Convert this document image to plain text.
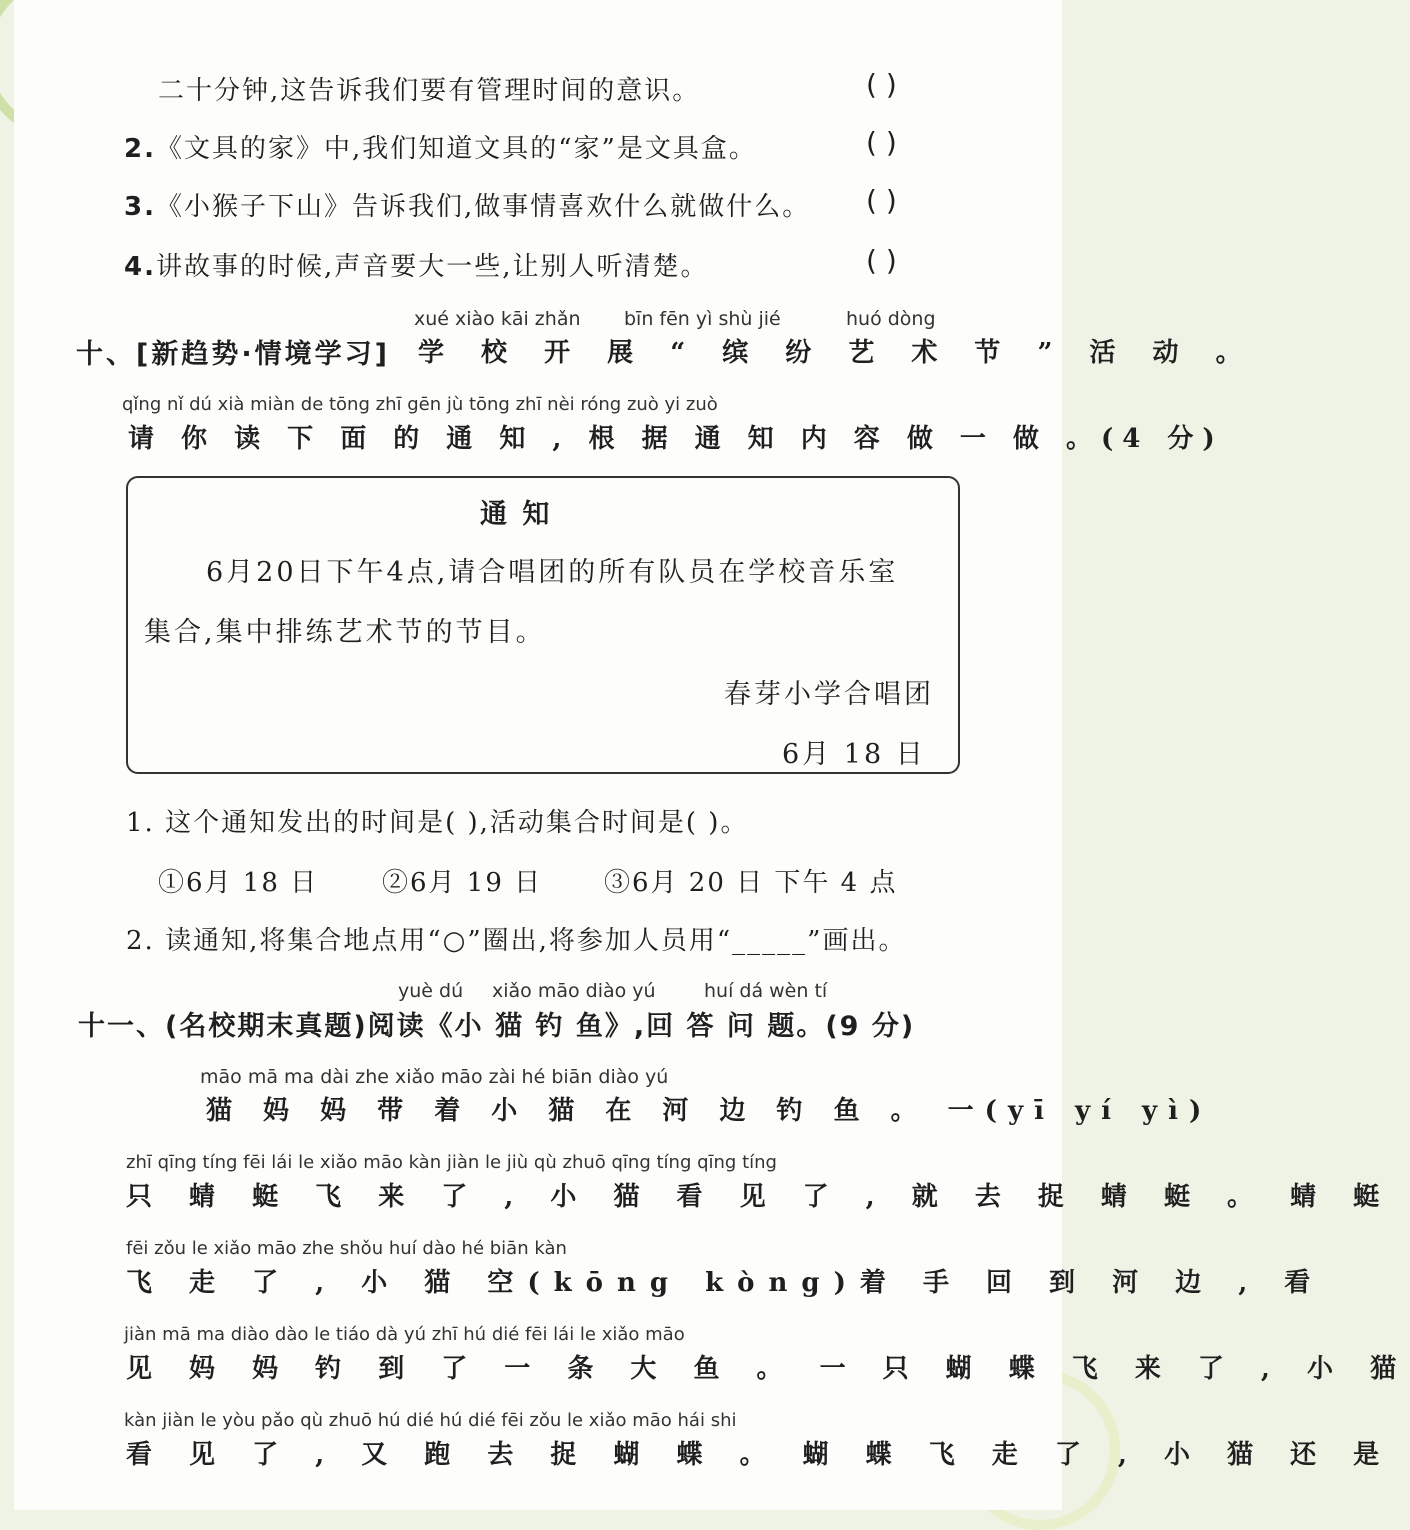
二十分钟,这告诉我们要有管理时间的意识。	( )
2.《文具的家》中,我们知道文具的“家”是文具盒。	( )
3.《小猴子下山》告诉我们,做事情喜欢什么就做什么。	( )
4.讲故事的时候,声音要大一些,让别人听清楚。	( )
xué xiào kāi zhǎn bīn fēn yì shù jié	huó dòng
十、[新趋势·情境学习] 学 校 开 展 “ 缤 纷 艺 术 节 ” 活 动 。
qǐng nǐ dú xià miàn de tōng zhī gēn jù tōng zhī nèi róng zuò yi zuò
请 你 读 下 面 的 通 知 , 根 据 通 知 内 容 做 一 做 。(4 分)
通 知
6月20日下午4点,请合唱团的所有队员在学校音乐室
集合,集中排练艺术节的节目。
春芽小学合唱团
6月 18 日
1. 这个通知发出的时间是( ),活动集合时间是( )。
①6月 18 日 ②6月 19 日 ③6月 20 日 下午 4 点
2. 读通知,将集合地点用“○”圈出,将参加人员用“_____”画出。
yuè dú xiǎo māo diào yú	huí dá wèn tí
十一、(名校期末真题)阅读《小 猫 钓 鱼》,回 答 问 题。(9 分)
māo mā ma dài zhe xiǎo māo zài hé biān diào yú
猫 妈 妈 带 着 小 猫 在 河 边 钓 鱼 。 一(yī yí yì)
zhī qīng tíng fēi lái le xiǎo māo kàn jiàn le jiù qù zhuō qīng tíng qīng tíng
只 蜻 蜓 飞 来 了 , 小 猫 看 见 了 , 就 去 捉 蜻 蜓 。 蜻 蜓
fēi zǒu le xiǎo māo zhe shǒu huí dào hé biān kàn
飞 走 了 , 小 猫 空(kōng kòng)着 手 回 到 河 边 , 看
jiàn mā ma diào dào le tiáo dà yú zhī hú dié fēi lái le xiǎo māo
见 妈 妈 钓 到 了 一 条 大 鱼 。 一 只 蝴 蝶 飞 来 了 , 小 猫
kàn jiàn le yòu pǎo qù zhuō hú dié hú dié fēi zǒu le xiǎo māo hái shi
看 见 了 , 又 跑 去 捉 蝴 蝶 。 蝴 蝶 飞 走 了 , 小 猫 还 是
